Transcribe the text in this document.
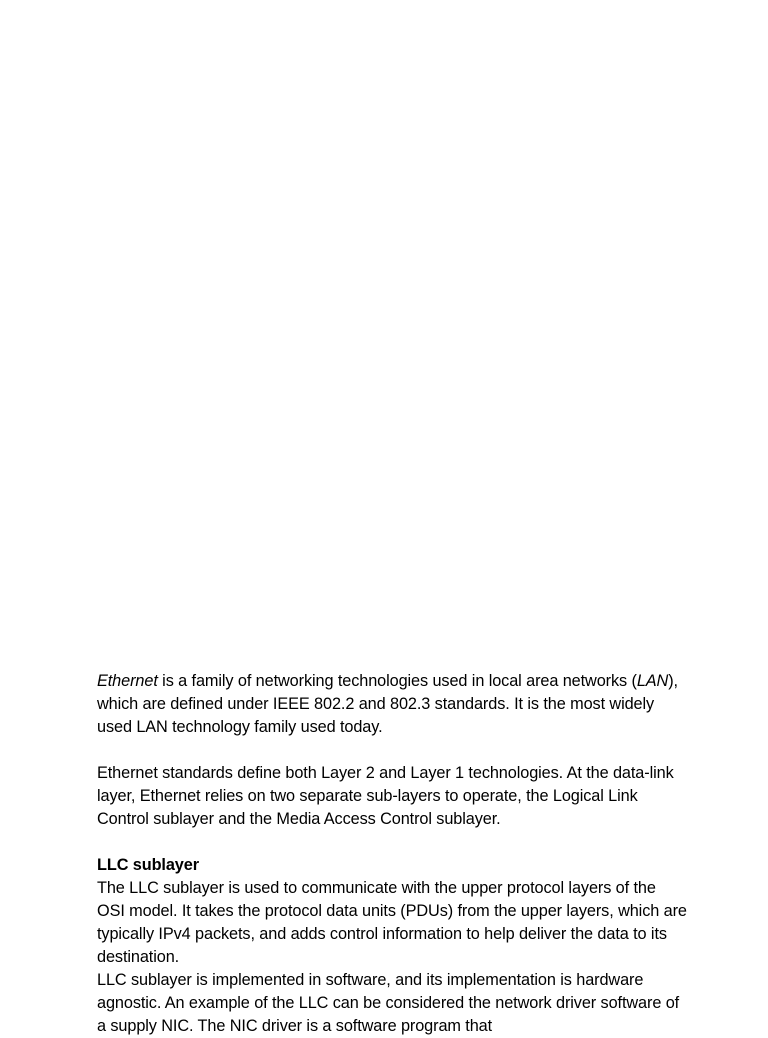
Ethernet is a family of networking technologies used in local area networks (LAN), which are defined under IEEE 802.2 and 802.3 standards. It is the most widely used LAN technology family used today.

Ethernet standards define both Layer 2 and Layer 1 technologies. At the data-link layer, Ethernet relies on two separate sub-layers to operate, the Logical Link Control sublayer and the Media Access Control sublayer.

LLC sublayer

The LLC sublayer is used to communicate with the upper protocol layers of the OSI model. It takes the protocol data units (PDUs) from the upper layers, which are typically IPv4 packets, and adds control information to help deliver the data to its destination.

LLC sublayer is implemented in software, and its implementation is hardware agnostic. An example of the LLC can be considered the network driver software of a supply NIC. The NIC driver is a software program that
